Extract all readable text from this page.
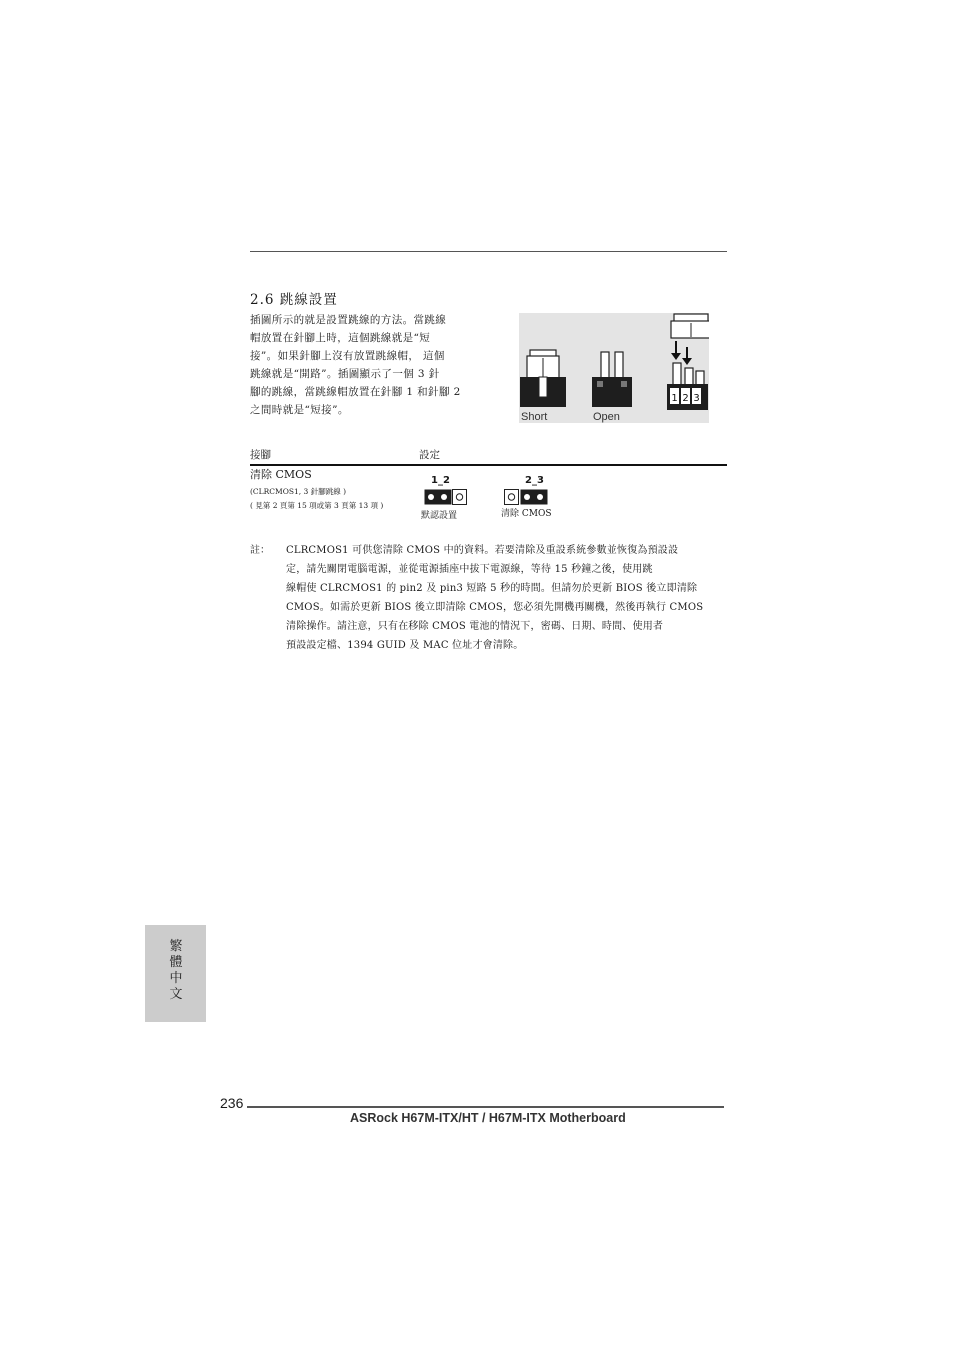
2.6 跳線設置
插圖所示的就是設置跳線的方法。當跳線
帽放置在針腳上時，這個跳線就是“短
接”。如果針腳上沒有放置跳線帽， 這個
跳線就是“開路”。插圖顯示了一個 3 針
腳的跳線，當跳線帽放置在針腳 1 和針腳 2
之間時就是“短接”。
1 2 3
Short	Open
接腳	設定
清除 CMOS
(CLRCMOS1, 3 針腳跳線 )
( 見第 2 頁第 15 項或第 3 頁第 13 項 )
1_2	2_3
默認設置	清除 CMOS
註： CLRCMOS1 可供您清除 CMOS 中的資料。若要清除及重設系統參數並恢復為預設設
定，請先關閉電腦電源，並從電源插座中拔下電源線，等待 15 秒鐘之後，使用跳
線帽使 CLRCMOS1 的 pin2 及 pin3 短路 5 秒的時間。但請勿於更新 BIOS 後立即清除
CMOS。如需於更新 BIOS 後立即清除 CMOS，您必須先開機再關機，然後再執行 CMOS
清除操作。請注意，只有在移除 CMOS 電池的情況下，密碼、日期、時間、使用者
預設設定檔、1394 GUID 及 MAC 位址才會清除。
繁體中文
236
ASRock H67M-ITX/HT / H67M-ITX Motherboard
